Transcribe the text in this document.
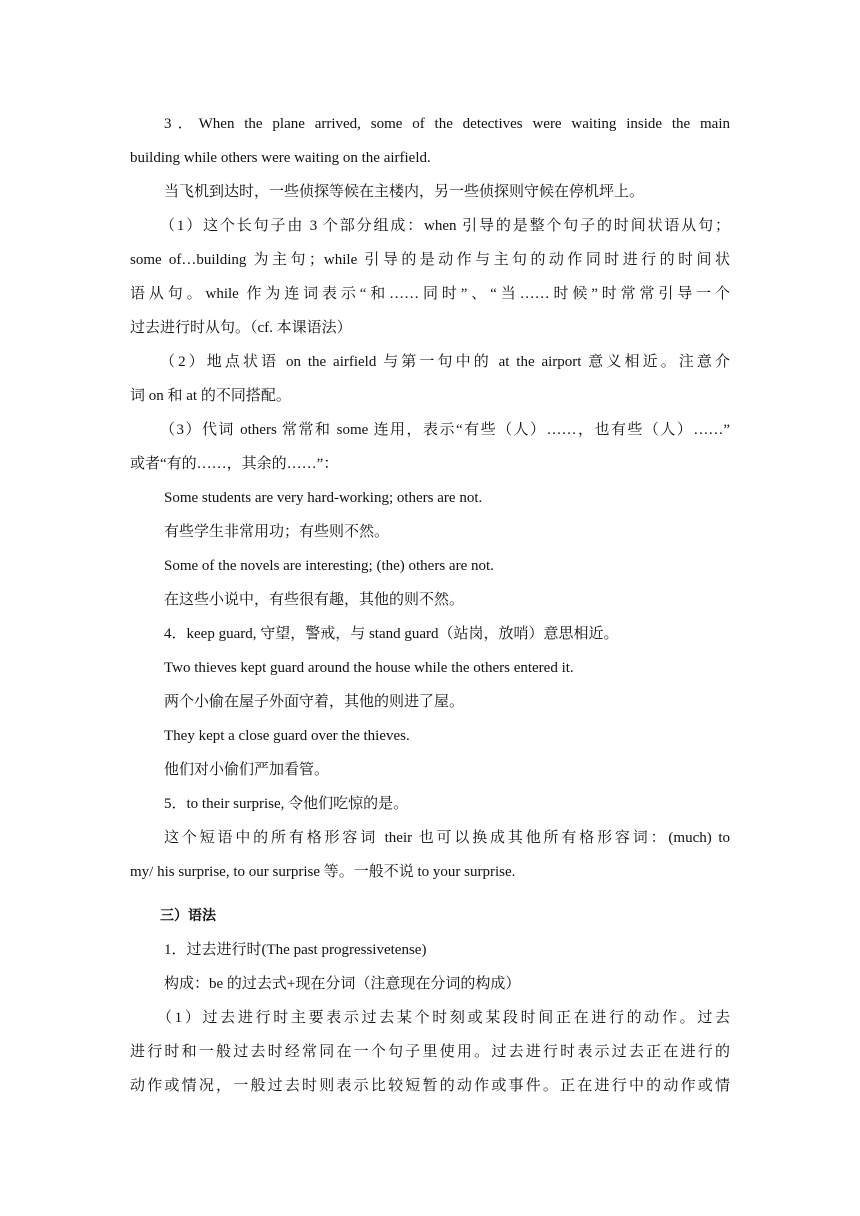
3．When the plane arrived, some of the detectives were waiting inside the main
building while others were waiting on the airfield.
当飞机到达时，一些侦探等候在主楼内，另一些侦探则守候在停机坪上。
（1）这个长句子由 3 个部分组成：when 引导的是整个句子的时间状语从句；
some of…building 为主句；while 引导的是动作与主句的动作同时进行的时间状
语从句。while 作为连词表示“和……同时”、“当……时候”时常常引导一个
过去进行时从句。（cf. 本课语法）
（2）地点状语 on the airfield 与第一句中的 at the airport 意义相近。注意介
词 on 和 at 的不同搭配。
（3）代词 others 常常和 some 连用，表示“有些（人）……，也有些（人）……”
或者“有的……，其余的……”：
Some students are very hard-working; others are not.
有些学生非常用功；有些则不然。
Some of the novels are interesting; (the) others are not.
在这些小说中，有些很有趣，其他的则不然。
4．keep guard, 守望，警戒，与 stand guard（站岗，放哨）意思相近。
Two thieves kept guard around the house while the others entered it.
两个小偷在屋子外面守着，其他的则进了屋。
They kept a close guard over the thieves.
他们对小偷们严加看管。
5．to their surprise, 令他们吃惊的是。
这个短语中的所有格形容词 their 也可以换成其他所有格形容词：(much) to
my/ his surprise, to our surprise 等。一般不说 to your surprise.
三）语法
1．过去进行时(The past progressivetense)
构成：be 的过去式+现在分词（注意现在分词的构成）
（1）过去进行时主要表示过去某个时刻或某段时间正在进行的动作。过去
进行时和一般过去时经常同在一个句子里使用。过去进行时表示过去正在进行的
动作或情况，一般过去时则表示比较短暂的动作或事件。正在进行中的动作或情
